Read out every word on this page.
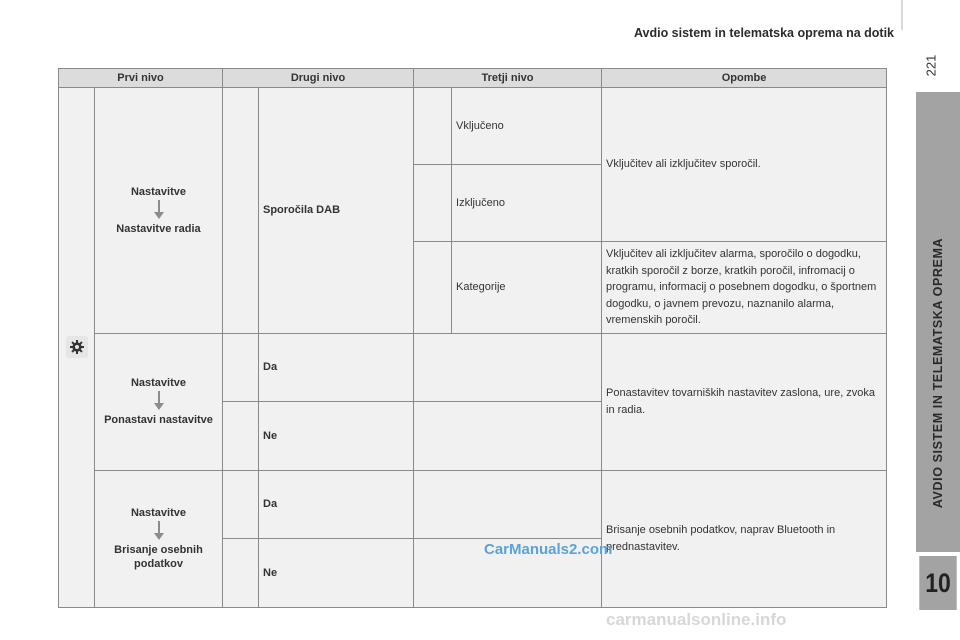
Avdio sistem in telematska oprema na dotik
221
AVDIO SISTEM IN TELEMATSKA OPREMA
10
Prvi nivo		Drugi nivo		Tretji nivo		Opombe

Nastavitve
Nastavitve radia		Sporočila DAB		Vključeno	Vključitev ali izključitev sporočil.
					Izključeno	
					Kategorije	Vključitev ali izključitev alarma, sporočilo o dogodku, kratkih sporočil z borze, kratkih poročil, infromacij o programu, informacij o posebnem dogodku, o športnem dogodku, o javnem prevozu, naznanilo alarma, vremenskih poročil.

	Nastavitve
Ponastavi nastavitve		Da			Ponastavitev tovarniških nastavitev zaslona, ure, zvoka in radia.
			Ne			

	Nastavitve
Brisanje osebnih podatkov		Da			Brisanje osebnih podatkov, naprav Bluetooth in prednastavitev.
			Ne			
CarManuals2.com
carmanualsonline.info
